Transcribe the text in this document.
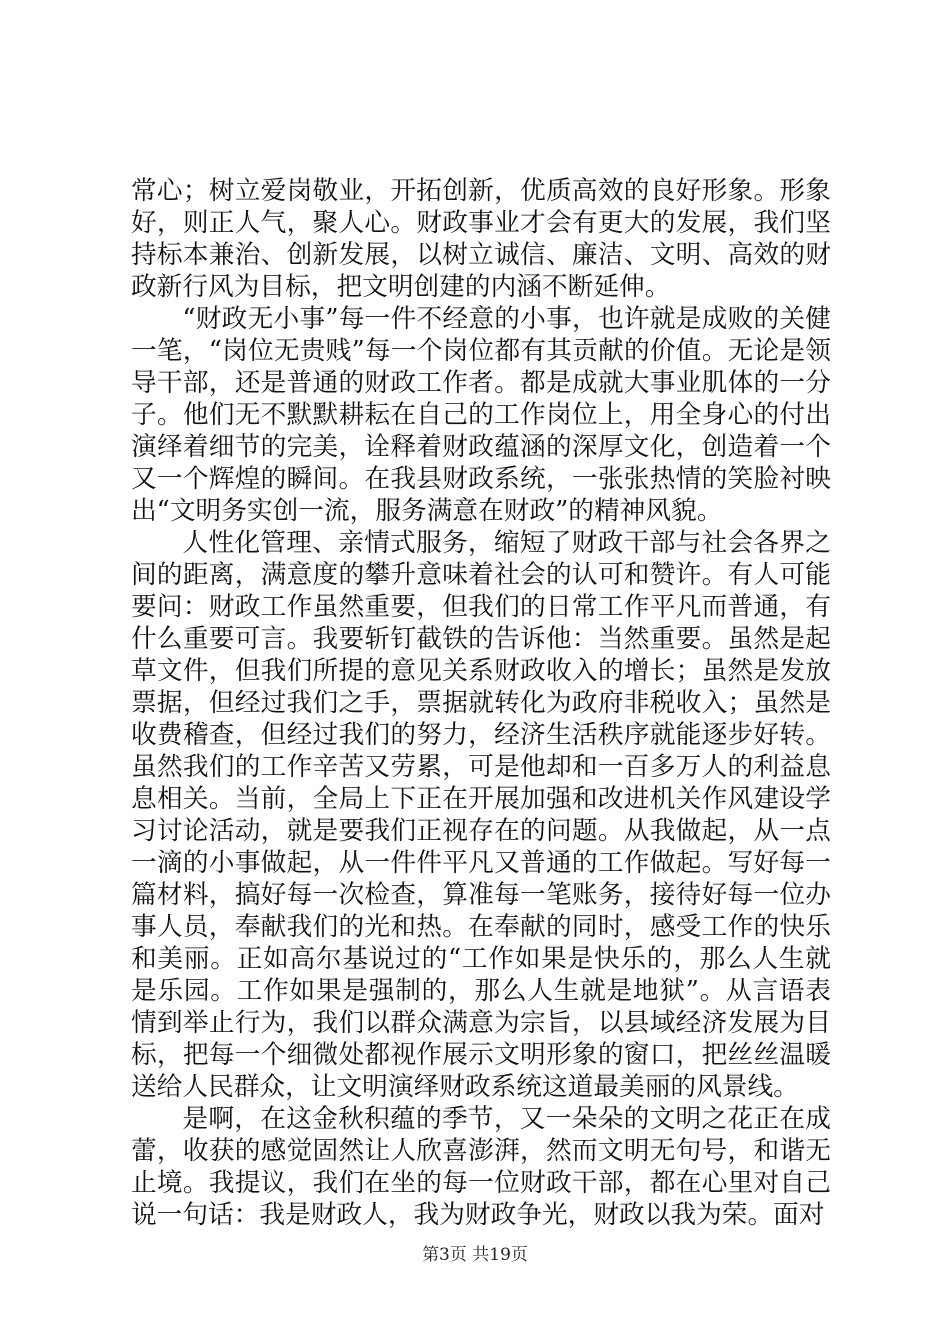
常心；树立爱岗敬业，开拓创新，优质高效的良好形象。形象好，则正人气，聚人心。财政事业才会有更大的发展，我们坚持标本兼治、创新发展，以树立诚信、廉洁、文明、高效的财政新行风为目标，把文明创建的内涵不断延伸。

“财政无小事”每一件不经意的小事，也许就是成败的关健一笔，“岗位无贵贱”每一个岗位都有其贡献的价值。无论是领导干部，还是普通的财政工作者。都是成就大事业肌体的一分子。他们无不默默耕耘在自己的工作岗位上，用全身心的付出演绎着细节的完美，诠释着财政蕴涵的深厚文化，创造着一个又一个辉煌的瞬间。在我县财政系统，一张张热情的笑脸衬映出“文明务实创一流，服务满意在财政”的精神风貌。

人性化管理、亲情式服务，缩短了财政干部与社会各界之间的距离，满意度的攀升意味着社会的认可和赞许。有人可能要问：财政工作虽然重要，但我们的日常工作平凡而普通，有什么重要可言。我要斩钉截铁的告诉他：当然重要。虽然是起草文件，但我们所提的意见关系财政收入的增长；虽然是发放票据，但经过我们之手，票据就转化为政府非税收入；虽然是收费稽查，但经过我们的努力，经济生活秩序就能逐步好转。虽然我们的工作辛苦又劳累，可是他却和一百多万人的利益息息相关。当前，全局上下正在开展加强和改进机关作风建设学习讨论活动，就是要我们正视存在的问题。从我做起，从一点一滴的小事做起，从一件件平凡又普通的工作做起。写好每一篇材料，搞好每一次检查，算准每一笔账务，接待好每一位办事人员，奉献我们的光和热。在奉献的同时，感受工作的快乐和美丽。正如高尔基说过的“工作如果是快乐的，那么人生就是乐园。工作如果是强制的，那么人生就是地狱”。从言语表情到举止行为，我们以群众满意为宗旨，以县域经济发展为目标，把每一个细微处都视作展示文明形象的窗口，把丝丝温暖送给人民群众，让文明演绎财政系统这道最美丽的风景线。

是啊，在这金秋积蕴的季节，又一朵朵的文明之花正在成蕾，收获的感觉固然让人欣喜澎湃，然而文明无句号，和谐无止境。我提议，我们在坐的每一位财政干部，都在心里对自己说一句话：我是财政人，我为财政争光，财政以我为荣。面对

第3页 共19页
